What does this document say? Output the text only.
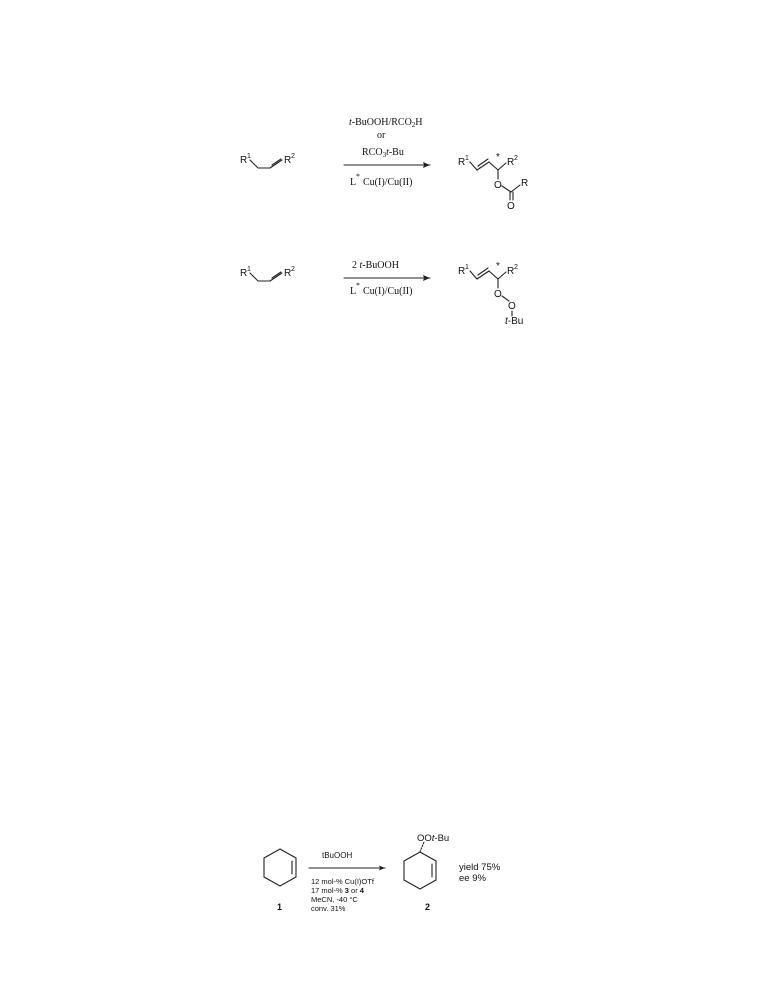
$t-BuOOH/RCO_2H$
or
$RCO_3t-Bu$
L
*
Cu(I)/Cu(II)
R 1	R 2
R 1	* R 2
O R
O
2 t-BuOOH
L
*
Cu(I)/Cu(II)
R 1	R 2	R 1	* R 2
O
O
t-Bu
1
tBuOOH
12 mol-% Cu(I)OTf
17 mol-% 3 or 4
MeCN, -40 °C
conv. 31%
OOt-Bu
2
yield 75%
ee 9%
